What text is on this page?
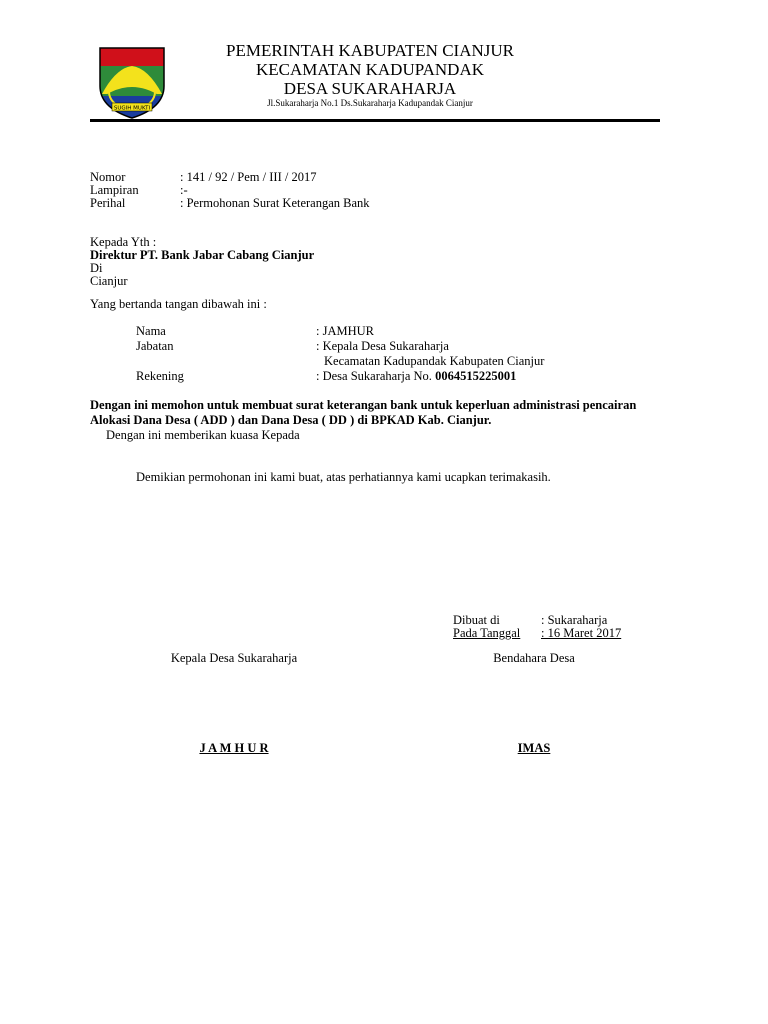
SUGIH MUKTI
PEMERINTAH KABUPATEN CIANJUR
KECAMATAN KADUPANDAK
DESA SUKARAHARJA
Jl.Sukaraharja No.1 Ds.Sukaraharja Kadupandak Cianjur
Nomor	: 141 / 92 / Pem / III / 2017
Lampiran	:-
Perihal	: Permohonan Surat Keterangan Bank
Kepada Yth :
Direktur PT. Bank Jabar Cabang Cianjur
Di
Cianjur
Yang bertanda tangan dibawah ini :
Nama	: JAMHUR
Jabatan	: Kepala Desa Sukaraharja
Kecamatan Kadupandak Kabupaten Cianjur
Rekening	: Desa Sukaraharja No. 0064515225001
Dengan ini memohon untuk membuat surat keterangan bank untuk keperluan administrasi pencairan
Alokasi Dana Desa ( ADD ) dan Dana Desa ( DD ) di BPKAD Kab. Cianjur.
Dengan ini memberikan kuasa Kepada
Demikian permohonan ini kami buat, atas perhatiannya kami ucapkan terimakasih.
Dibuat di	: Sukaraharja
Pada Tanggal : 16 Maret 2017
Kepala Desa Sukaraharja	Bendahara Desa
J A M H U R	IMAS
